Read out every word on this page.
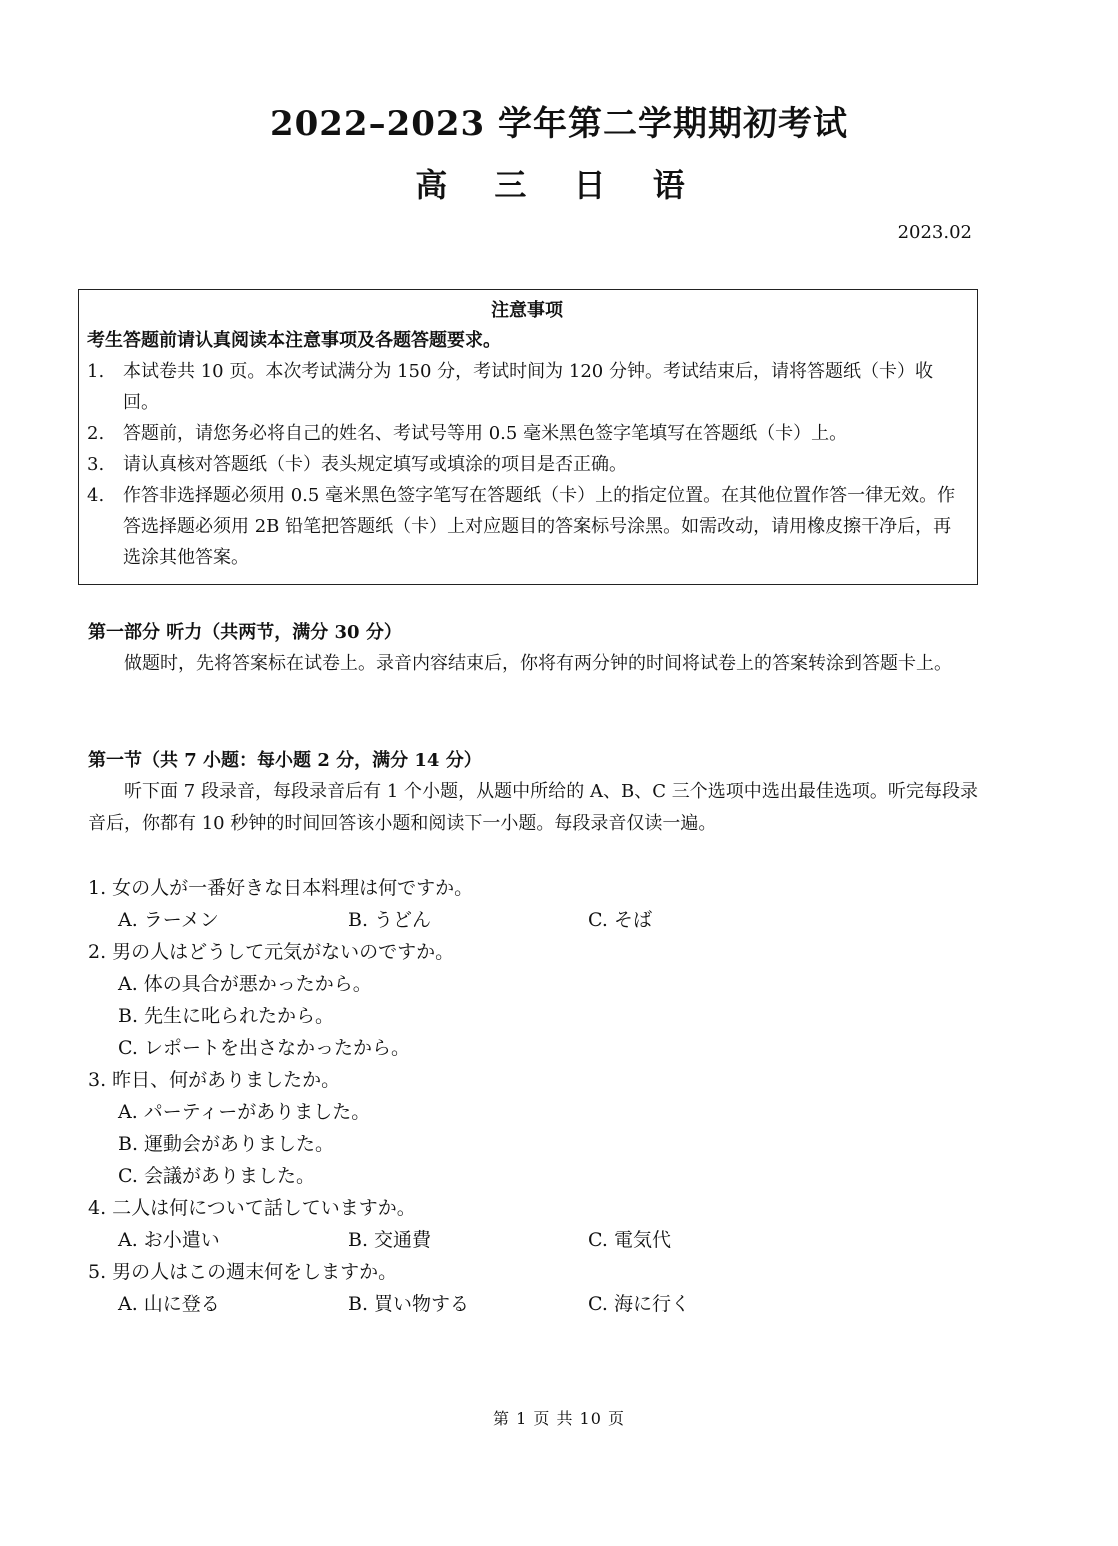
2022–2023 学年第二学期期初考试
高 三 日 语
2023.02
注意事项
考生答题前请认真阅读本注意事项及各题答题要求。
1.	本试卷共 10 页。本次考试满分为 150 分，考试时间为 120 分钟。考试结束后，请将答题纸（卡）收回。
2.	答题前，请您务必将自己的姓名、考试号等用 0.5 毫米黑色签字笔填写在答题纸（卡）上。
3.	请认真核对答题纸（卡）表头规定填写或填涂的项目是否正确。
4.	作答非选择题必须用 0.5 毫米黑色签字笔写在答题纸（卡）上的指定位置。在其他位置作答一律无效。作答选择题必须用 2B 铅笔把答题纸（卡）上对应题目的答案标号涂黑。如需改动，请用橡皮擦干净后，再选涂其他答案。
第一部分 听力（共两节，满分 30 分）
做题时，先将答案标在试卷上。录音内容结束后，你将有两分钟的时间将试卷上的答案转涂到答题卡上。
第一节（共 7 小题：每小题 2 分，满分 14 分）
听下面 7 段录音，每段录音后有 1 个小题，从题中所给的 A、B、C 三个选项中选出最佳选项。听完每段录音后，你都有 10 秒钟的时间回答该小题和阅读下一小题。每段录音仅读一遍。
1. 女の人が一番好きな日本料理は何ですか。
A. ラーメン	B. うどん	C. そば
2. 男の人はどうして元気がないのですか。
A. 体の具合が悪かったから。
B. 先生に叱られたから。
C. レポートを出さなかったから。
3. 昨日、何がありましたか。
A. パーティーがありました。
B. 運動会がありました。
C. 会議がありました。
4. 二人は何について話していますか。
A. お小遣い	B. 交通費	C. 電気代
5. 男の人はこの週末何をしますか。
A. 山に登る	B. 買い物する	C. 海に行く
第 1 页 共 10 页
